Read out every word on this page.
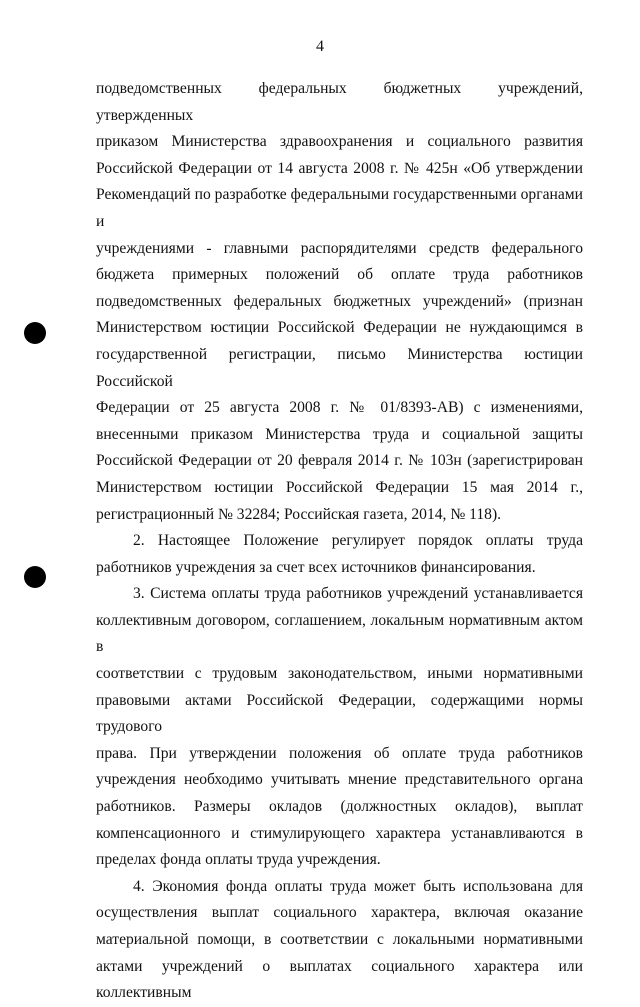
4

подведомственных федеральных бюджетных учреждений, утвержденных

приказом Министерства здравоохранения и социального развития

Российской Федерации от 14 августа 2008 г. № 425н «Об утверждении

Рекомендаций по разработке федеральными государственными органами и

учреждениями - главными распорядителями средств федерального

бюджета примерных положений об оплате труда работников

подведомственных федеральных бюджетных учреждений» (признан

Министерством юстиции Российской Федерации не нуждающимся в

государственной регистрации, письмо Министерства юстиции Российской

Федерации от 25 августа 2008 г. № 01/8393-АВ) с изменениями,

внесенными приказом Министерства труда и социальной защиты

Российской Федерации от 20 февраля 2014 г. № 103н (зарегистрирован

Министерством юстиции Российской Федерации 15 мая 2014 г.,

регистрационный № 32284; Российская газета, 2014, № 118).

2. Настоящее Положение регулирует порядок оплаты труда

работников учреждения за счет всех источников финансирования.

3. Система оплаты труда работников учреждений устанавливается

коллективным договором, соглашением, локальным нормативным актом в

соответствии с трудовым законодательством, иными нормативными

правовыми актами Российской Федерации, содержащими нормы трудового

права. При утверждении положения об оплате труда работников

учреждения необходимо учитывать мнение представительного органа

работников. Размеры окладов (должностных окладов), выплат

компенсационного и стимулирующего характера устанавливаются в

пределах фонда оплаты труда учреждения.

4. Экономия фонда оплаты труда может быть использована для

осуществления выплат социального характера, включая оказание

материальной помощи, в соответствии с локальными нормативными

актами учреждений о выплатах социального характера или коллективным
